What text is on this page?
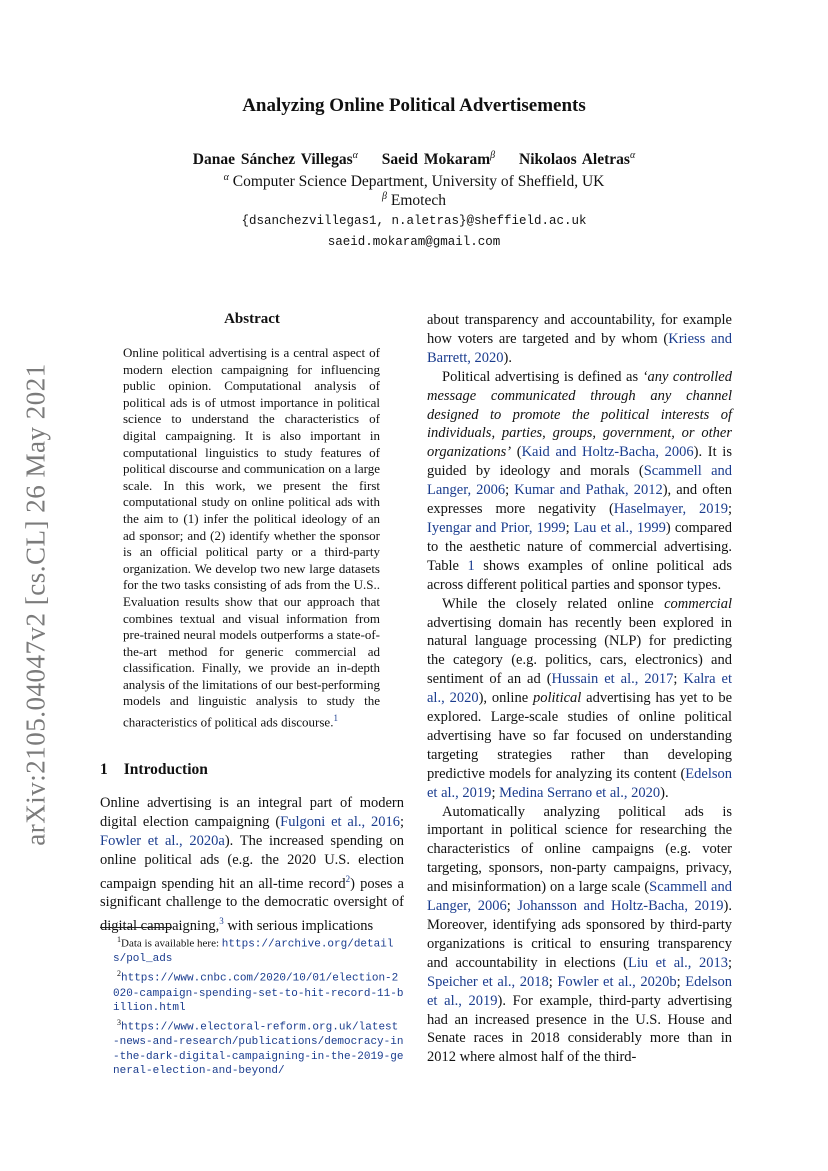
arXiv:2105.04047v2 [cs.CL] 26 May 2021
Analyzing Online Political Advertisements
Danae Sánchez Villegas$^\alpha$ Saeid Mokaram$^\beta$ Nikolaos Aletras$^\alpha$
$^\alpha$ Computer Science Department, University of Sheffield, UK
$^\beta$ Emotech
{dsanchezvillegas1, n.aletras}@sheffield.ac.uk
saeid.mokaram@gmail.com
Abstract
Online political advertising is a central aspect of modern election campaigning for influencing public opinion. Computational analysis of political ads is of utmost importance in political science to understand the characteristics of digital campaigning. It is also important in computational linguistics to study features of political discourse and communication on a large scale. In this work, we present the first computational study on online political ads with the aim to (1) infer the political ideology of an ad sponsor; and (2) identify whether the sponsor is an official political party or a third-party organization. We develop two new large datasets for the two tasks consisting of ads from the U.S.. Evaluation results show that our approach that combines textual and visual information from pre-trained neural models outperforms a state-of-the-art method for generic commercial ad classification. Finally, we provide an in-depth analysis of the limitations of our best-performing models and linguistic analysis to study the characteristics of political ads discourse.$^1$
1 Introduction

Online advertising is an integral part of modern digital election campaigning (Fulgoni et al., 2016; Fowler et al., 2020a). The increased spending on online political ads (e.g. the 2020 U.S. election campaign spending hit an all-time record$^2$) poses a significant challenge to the democratic oversight of digital campaigning,$^3$ with serious implications

$^1$Data is available here: https://archive.org/details/pol_ads
$^2$https://www.cnbc.com/2020/10/01/election-2020-campaign-spending-set-to-hit-record-11-billion.html
$^3$https://www.electoral-reform.org.uk/latest-news-and-research/publications/democracy-in-the-dark-digital-campaigning-in-the-2019-general-election-and-beyond/

about transparency and accountability, for example how voters are targeted and by whom (Kriess and Barrett, 2020).

Political advertising is defined as ‘any controlled message communicated through any channel designed to promote the political interests of individuals, parties, groups, government, or other organizations’ (Kaid and Holtz-Bacha, 2006). It is guided by ideology and morals (Scammell and Langer, 2006; Kumar and Pathak, 2012), and often expresses more negativity (Haselmayer, 2019; Iyengar and Prior, 1999; Lau et al., 1999) compared to the aesthetic nature of commercial advertising. Table 1 shows examples of online political ads across different political parties and sponsor types.

While the closely related online commercial advertising domain has recently been explored in natural language processing (NLP) for predicting the category (e.g. politics, cars, electronics) and sentiment of an ad (Hussain et al., 2017; Kalra et al., 2020), online political advertising has yet to be explored. Large-scale studies of online political advertising have so far focused on understanding targeting strategies rather than developing predictive models for analyzing its content (Edelson et al., 2019; Medina Serrano et al., 2020).

Automatically analyzing political ads is important in political science for researching the characteristics of online campaigns (e.g. voter targeting, sponsors, non-party campaigns, privacy, and misinformation) on a large scale (Scammell and Langer, 2006; Johansson and Holtz-Bacha, 2019). Moreover, identifying ads sponsored by third-party organizations is critical to ensuring transparency and accountability in elections (Liu et al., 2013; Speicher et al., 2018; Fowler et al., 2020b; Edelson et al., 2019). For example, third-party advertising had an increased presence in the U.S. House and Senate races in 2018 considerably more than in 2012 where almost half of the third-
